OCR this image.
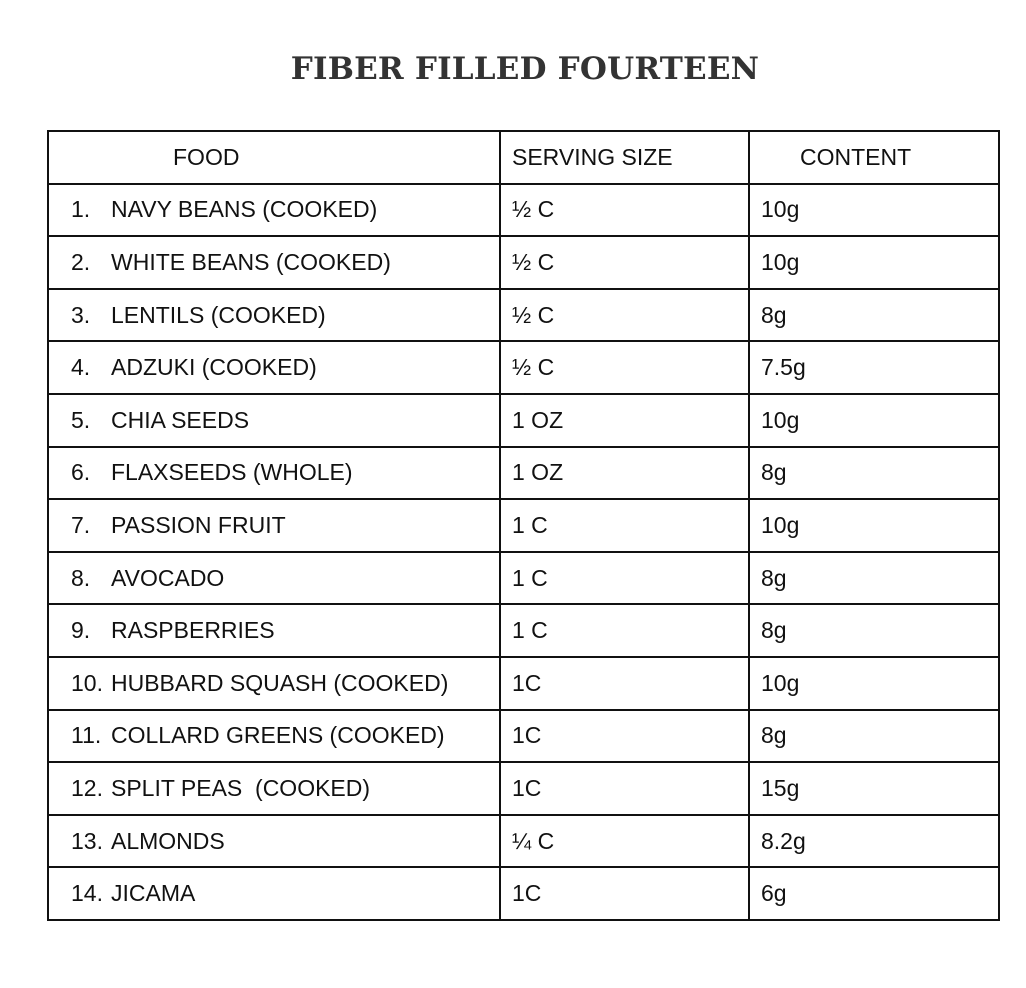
FIBER FILLED FOURTEEN
FOOD	SERVING SIZE	CONTENT
1. NAVY BEANS (COOKED)	½ C	10g
2. WHITE BEANS (COOKED)	½ C	10g
3. LENTILS (COOKED)	½ C	8g
4. ADZUKI (COOKED)	½ C	7.5g
5. CHIA SEEDS	1 OZ	10g
6. FLAXSEEDS (WHOLE)	1 OZ	8g
7. PASSION FRUIT	1 C	10g
8. AVOCADO	1 C	8g
9. RASPBERRIES	1 C	8g
10. HUBBARD SQUASH (COOKED)	1C	10g
11. COLLARD GREENS (COOKED)	1C	8g
12. SPLIT PEAS  (COOKED)	1C	15g
13. ALMONDS	¼ C	8.2g
14. JICAMA	1C	6g
